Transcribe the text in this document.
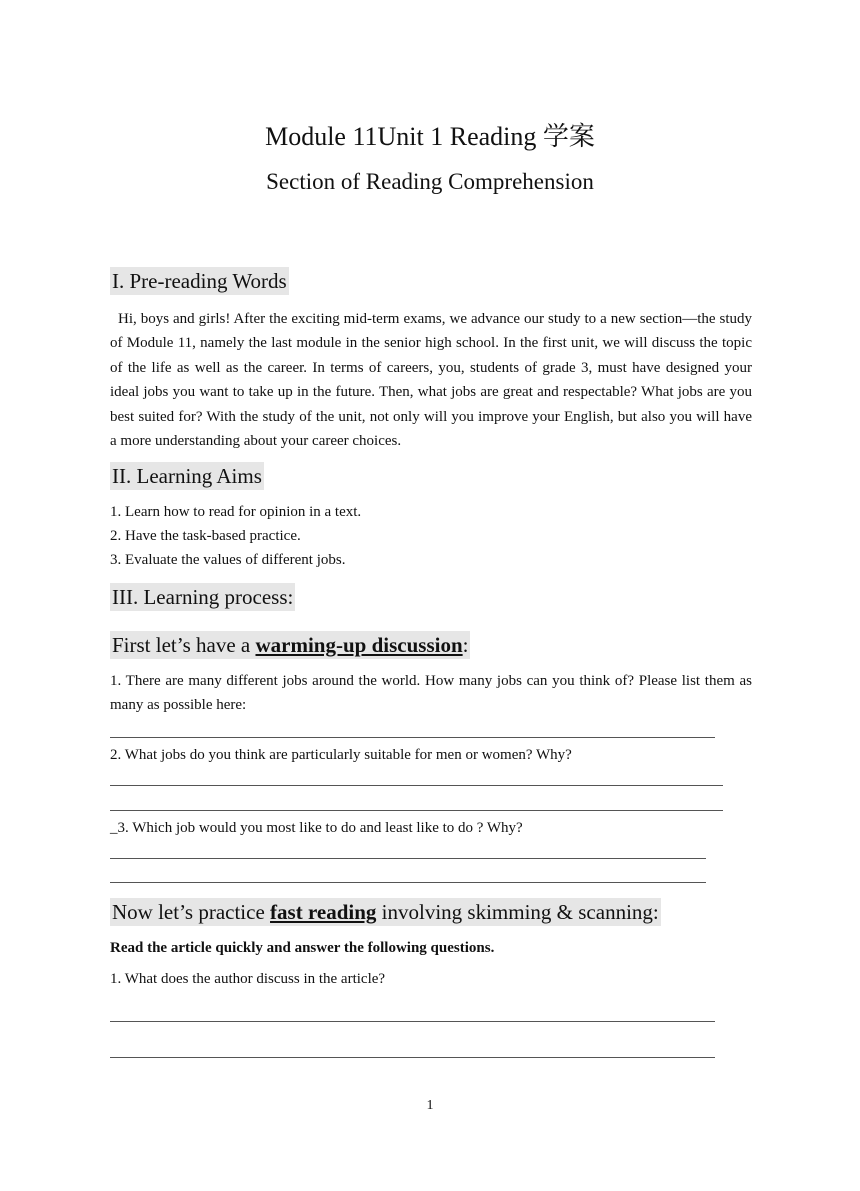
Module 11Unit 1 Reading 学案
Section of Reading Comprehension
I. Pre-reading Words

Hi, boys and girls! After the exciting mid-term exams, we advance our study to a new section—the study of Module 11, namely the last module in the senior high school. In the first unit, we will discuss the topic of the life as well as the career. In terms of careers, you, students of grade 3, must have designed your ideal jobs you want to take up in the future. Then, what jobs are great and respectable? What jobs are you best suited for? With the study of the unit, not only will you improve your English, but also you will have a more understanding about your career choices.

II. Learning Aims
1. Learn how to read for opinion in a text.
2. Have the task-based practice.
3. Evaluate the values of different jobs.
III. Learning process:
First let’s have a warming-up discussion:

1. There are many different jobs around the world. How many jobs can you think of? Please list them as many as possible here:

2. What jobs do you think are particularly suitable for men or women? Why?
_3. Which job would you most like to do and least like to do ? Why?
Now let’s practice fast reading involving skimming & scanning:
Read the article quickly and answer the following questions.
1. What does the author discuss in the article?
1
